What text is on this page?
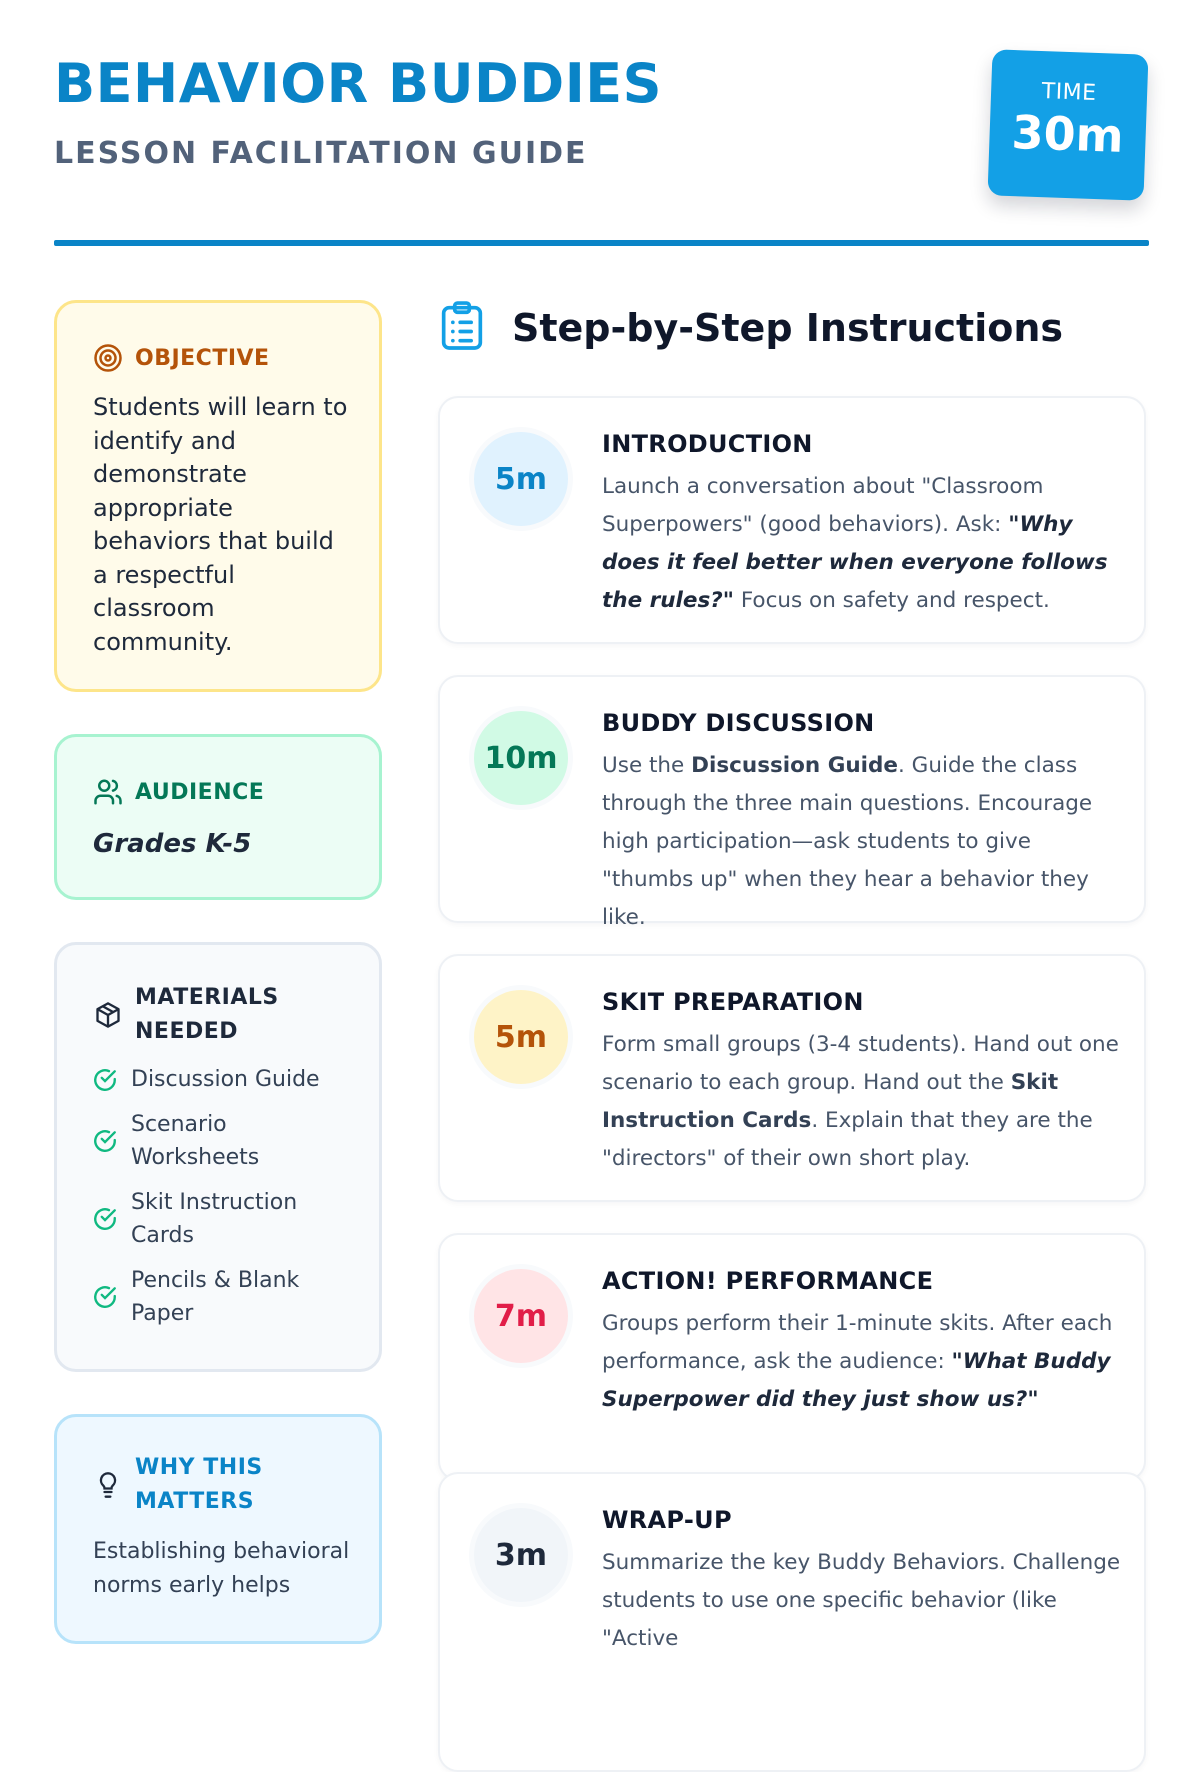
BEHAVIOR BUDDIES
LESSON FACILITATION GUIDE
TIME
30m
OBJECTIVE

Students will learn to identify and demonstrate appropriate behaviors that build a respectful classroom community.

AUDIENCE

Grades K-5

MATERIALS NEEDED
Discussion Guide
Scenario Worksheets
Skit Instruction Cards
Pencils & Blank Paper
WHY THIS MATTERS

Establishing behavioral norms early helps

Step-by-Step Instructions
5m
INTRODUCTION

Launch a conversation about "Classroom Superpowers" (good behaviors). Ask: "Why does it feel better when everyone follows the rules?" Focus on safety and respect.

10m
BUDDY DISCUSSION

Use the Discussion Guide. Guide the class through the three main questions. Encourage high participation—ask students to give "thumbs up" when they hear a behavior they like.

5m
SKIT PREPARATION

Form small groups (3-4 students). Hand out one scenario to each group. Hand out the Skit Instruction Cards. Explain that they are the "directors" of their own short play.

7m
ACTION! PERFORMANCE

Groups perform their 1-minute skits. After each performance, ask the audience: "What Buddy Superpower did they just show us?"

3m
WRAP-UP

Summarize the key Buddy Behaviors. Challenge students to use one specific behavior (like "Active
